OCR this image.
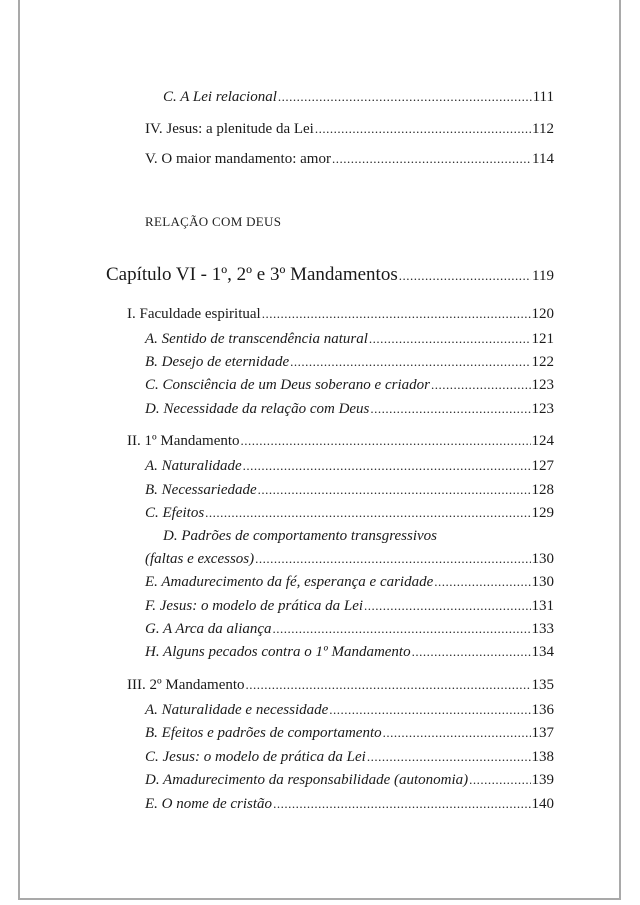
C. A Lei relacional .....	111
IV. Jesus: a plenitude da Lei .....	112
V. O maior mandamento: amor .....	114
RELAÇÃO COM DEUS
Capítulo VI - 1º, 2º e 3º Mandamentos .....	119
I. Faculdade espiritual .....	120
A. Sentido de transcendência natural .....	121
B. Desejo de eternidade .....	122
C. Consciência de um Deus soberano e criador .....	123
D. Necessidade da relação com Deus .....	123
II. 1º Mandamento .....	124
A. Naturalidade .....	127
B. Necessariedade .....	128
C. Efeitos .....	129
D. Padrões de comportamento transgressivos
(faltas e excessos) .....	130
E. Amadurecimento da fé, esperança e caridade .....	130
F. Jesus: o modelo de prática da Lei .....	131
G. A Arca da aliança .....	133
H. Alguns pecados contra o 1º Mandamento .....	134
III. 2º Mandamento .....	135
A. Naturalidade e necessidade .....	136
B. Efeitos e padrões de comportamento .....	137
C. Jesus: o modelo de prática da Lei .....	138
D. Amadurecimento da responsabilidade (autonomia) .....	139
E. O nome de cristão .....	140
